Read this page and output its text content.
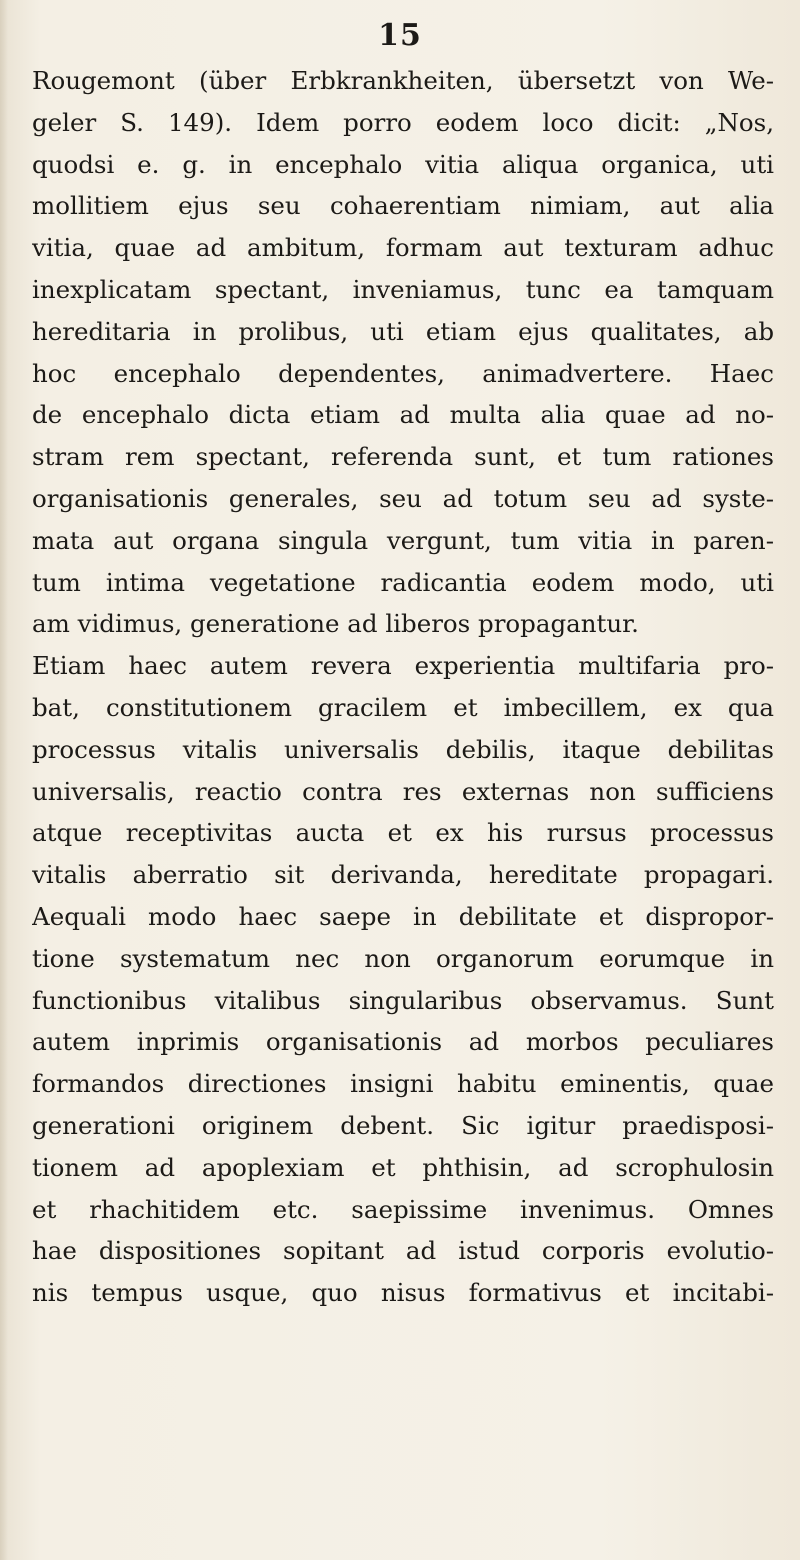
15
Rougemont (über Erbkrankheiten, übersetzt von We-
geler S. 149). Idem porro eodem loco dicit: „Nos,
quodsi e. g. in encephalo vitia aliqua organica, uti
mollitiem ejus seu cohaerentiam nimiam, aut alia
vitia, quae ad ambitum, formam aut texturam adhuc
inexplicatam spectant, inveniamus, tunc ea tamquam
hereditaria in prolibus, uti etiam ejus qualitates, ab
hoc encephalo dependentes, animadvertere. Haec
de encephalo dicta etiam ad multa alia quae ad no-
stram rem spectant, referenda sunt, et tum rationes
organisationis generales, seu ad totum seu ad syste-
mata aut organa singula vergunt, tum vitia in paren-
tum intima vegetatione radicantia eodem modo, uti
am vidimus, generatione ad liberos propagantur.
Etiam haec autem revera experientia multifaria pro-
bat, constitutionem gracilem et imbecillem, ex qua
processus vitalis universalis debilis, itaque debilitas
universalis, reactio contra res externas non sufficiens
atque receptivitas aucta et ex his rursus processus
vitalis aberratio sit derivanda, hereditate propagari.
Aequali modo haec saepe in debilitate et dispropor-
tione systematum nec non organorum eorumque in
functionibus vitalibus singularibus observamus. Sunt
autem inprimis organisationis ad morbos peculiares
formandos directiones insigni habitu eminentis, quae
generationi originem debent. Sic igitur praedisposi-
tionem ad apoplexiam et phthisin, ad scrophulosin
et rhachitidem etc. saepissime invenimus. Omnes
hae dispositiones sopitant ad istud corporis evolutio-
nis tempus usque, quo nisus formativus et incitabi-
